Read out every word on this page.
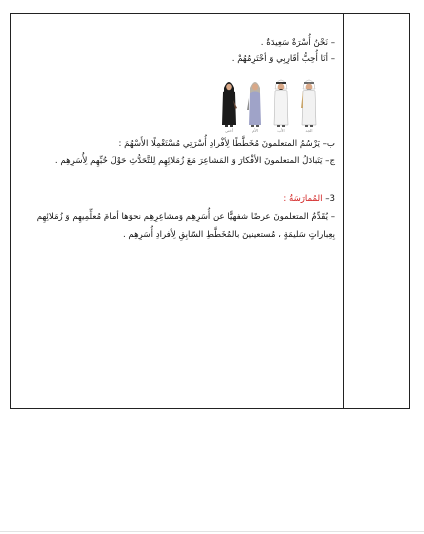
– نَحْنُ أُسْرَةٌ سَعِيدَةٌ .
– أنَا أُحِبُّ أقَارِبِي وَ أحْتَرِمُهُمْ .
الجد
الأب
الأم
أختي
ب– يَرْسُمُ المتعلمونَ مُخَطَّطًا لِأفْرادِ أُسْرَتِي مُسْتَعْمِلًا الأَسْهُمَ :
ج– يَتَبادَلُ المتعلمونَ الأفْكارَ وَ المَشاعِرَ مَعَ زُمَلائِهِم لِلتَّحَدُّثِ حَوْلَ حُبِّهِم لِأُسَرِهِم .
3– المُمارَسَةُ :
– يُقَدِّمُ المتعلمونَ عرضًا شفهيًّا عن أُسَرِهِم وَمشاعِرِهِم نحوَها أمامَ مُعلِّمِيهِم وَ زُمَلائِهِم
بِعِباراتٍ سَليمَةٍ ، مُستعينينَ بالمُخَطَّطِ السّابِقِ لِأفرادِ أُسَرِهِم .
